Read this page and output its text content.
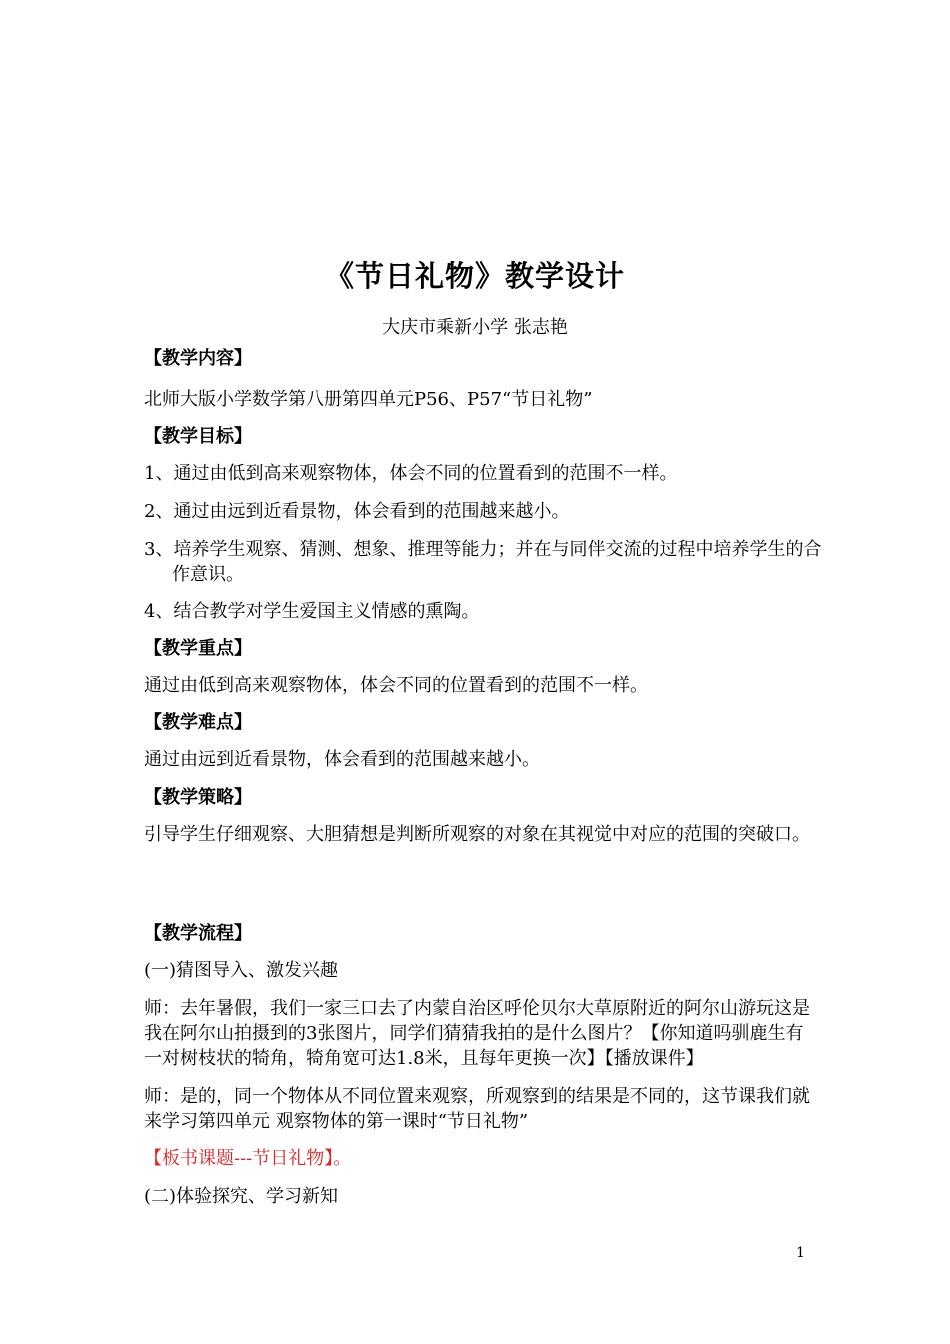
《节日礼物》教学设计
大庆市乘新小学 张志艳
【教学内容】
北师大版小学数学第八册第四单元P56、P57“节日礼物”
【教学目标】
1、通过由低到高来观察物体，体会不同的位置看到的范围不一样。
2、通过由远到近看景物，体会看到的范围越来越小。
3、培养学生观察、猜测、想象、推理等能力；并在与同伴交流的过程中培养学生的合作意识。
4、结合教学对学生爱国主义情感的熏陶。
【教学重点】
通过由低到高来观察物体，体会不同的位置看到的范围不一样。
【教学难点】
通过由远到近看景物，体会看到的范围越来越小。
【教学策略】
引导学生仔细观察、大胆猜想是判断所观察的对象在其视觉中对应的范围的突破口。
【教学流程】
(一)猜图导入、激发兴趣
师：去年暑假，我们一家三口去了内蒙自治区呼伦贝尔大草原附近的阿尔山游玩这是我在阿尔山拍摄到的3张图片，同学们猜猜我拍的是什么图片？【你知道吗驯鹿生有一对树枝状的犄角，犄角宽可达1.8米，且每年更换一次】【播放课件】
师：是的，同一个物体从不同位置来观察，所观察到的结果是不同的，这节课我们就来学习第四单元 观察物体的第一课时“节日礼物”
【板书课题---节日礼物】。
(二)体验探究、学习新知
1
